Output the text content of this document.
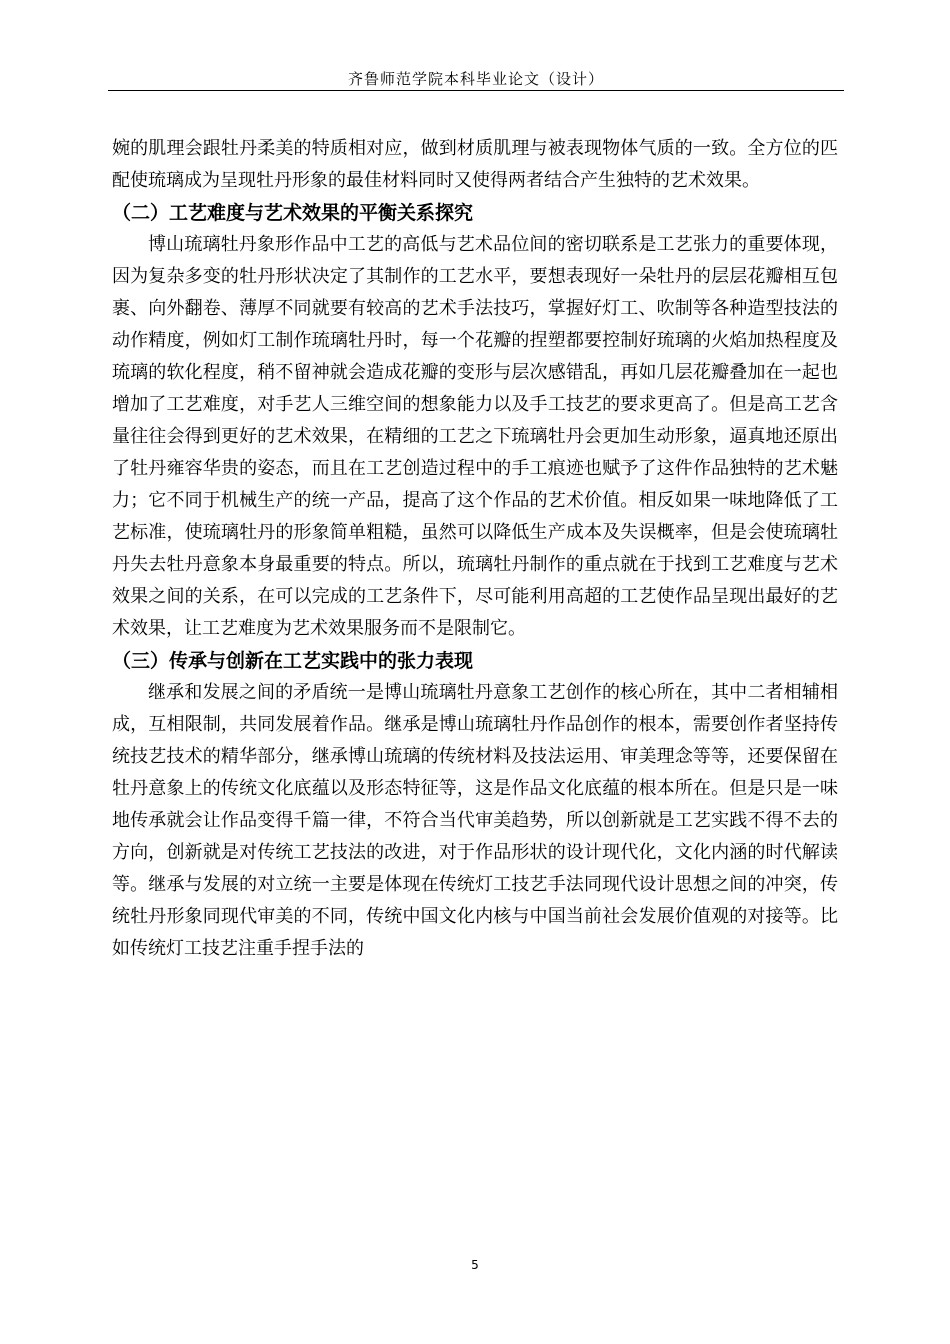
齐鲁师范学院本科毕业论文（设计）

婉的肌理会跟牡丹柔美的特质相对应，做到材质肌理与被表现物体气质的一致。全方位的匹配使琉璃成为呈现牡丹形象的最佳材料同时又使得两者结合产生独特的艺术效果。

（二）工艺难度与艺术效果的平衡关系探究

博山琉璃牡丹象形作品中工艺的高低与艺术品位间的密切联系是工艺张力的重要体现，因为复杂多变的牡丹形状决定了其制作的工艺水平，要想表现好一朵牡丹的层层花瓣相互包裹、向外翻卷、薄厚不同就要有较高的艺术手法技巧，掌握好灯工、吹制等各种造型技法的动作精度，例如灯工制作琉璃牡丹时，每一个花瓣的捏塑都要控制好琉璃的火焰加热程度及琉璃的软化程度，稍不留神就会造成花瓣的变形与层次感错乱，再如几层花瓣叠加在一起也增加了工艺难度，对手艺人三维空间的想象能力以及手工技艺的要求更高了。但是高工艺含量往往会得到更好的艺术效果，在精细的工艺之下琉璃牡丹会更加生动形象，逼真地还原出了牡丹雍容华贵的姿态，而且在工艺创造过程中的手工痕迹也赋予了这件作品独特的艺术魅力；它不同于机械生产的统一产品，提高了这个作品的艺术价值。相反如果一味地降低了工艺标准，使琉璃牡丹的形象简单粗糙，虽然可以降低生产成本及失误概率，但是会使琉璃牡丹失去牡丹意象本身最重要的特点。所以，琉璃牡丹制作的重点就在于找到工艺难度与艺术效果之间的关系，在可以完成的工艺条件下，尽可能利用高超的工艺使作品呈现出最好的艺术效果，让工艺难度为艺术效果服务而不是限制它。

（三）传承与创新在工艺实践中的张力表现

继承和发展之间的矛盾统一是博山琉璃牡丹意象工艺创作的核心所在，其中二者相辅相成，互相限制，共同发展着作品。继承是博山琉璃牡丹作品创作的根本，需要创作者坚持传统技艺技术的精华部分，继承博山琉璃的传统材料及技法运用、审美理念等等，还要保留在牡丹意象上的传统文化底蕴以及形态特征等，这是作品文化底蕴的根本所在。但是只是一味地传承就会让作品变得千篇一律，不符合当代审美趋势，所以创新就是工艺实践不得不去的方向，创新就是对传统工艺技法的改进，对于作品形状的设计现代化，文化内涵的时代解读等。继承与发展的对立统一主要是体现在传统灯工技艺手法同现代设计思想之间的冲突，传统牡丹形象同现代审美的不同，传统中国文化内核与中国当前社会发展价值观的对接等。比如传统灯工技艺注重手捏手法的

5
